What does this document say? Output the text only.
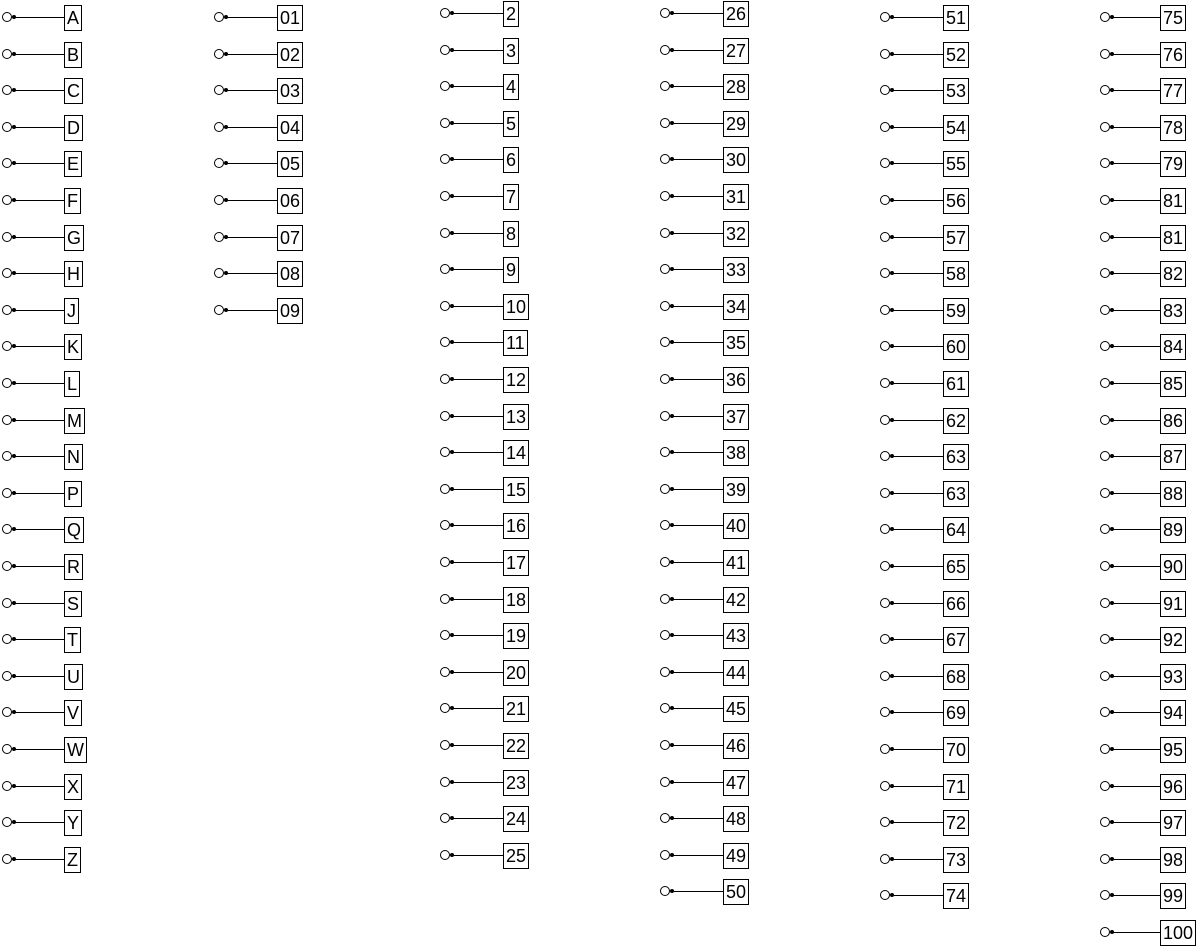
A
B
C
D
E
F
G
H
J
K
L
M
N
P
Q
R
S
T
U
V
W
X
Y
Z
01
02
03
04
05
06
07
08
09
2
3
4
5
6
7
8
9
10
11
12
13
14
15
16
17
18
19
20
21
22
23
24
25
26
27
28
29
30
31
32
33
34
35
36
37
38
39
40
41
42
43
44
45
46
47
48
49
50
51
52
53
54
55
56
57
58
59
60
61
62
63
63
64
65
66
67
68
69
70
71
72
73
74
75
76
77
78
79
81
81
82
83
84
85
86
87
88
89
90
91
92
93
94
95
96
97
98
99
100
